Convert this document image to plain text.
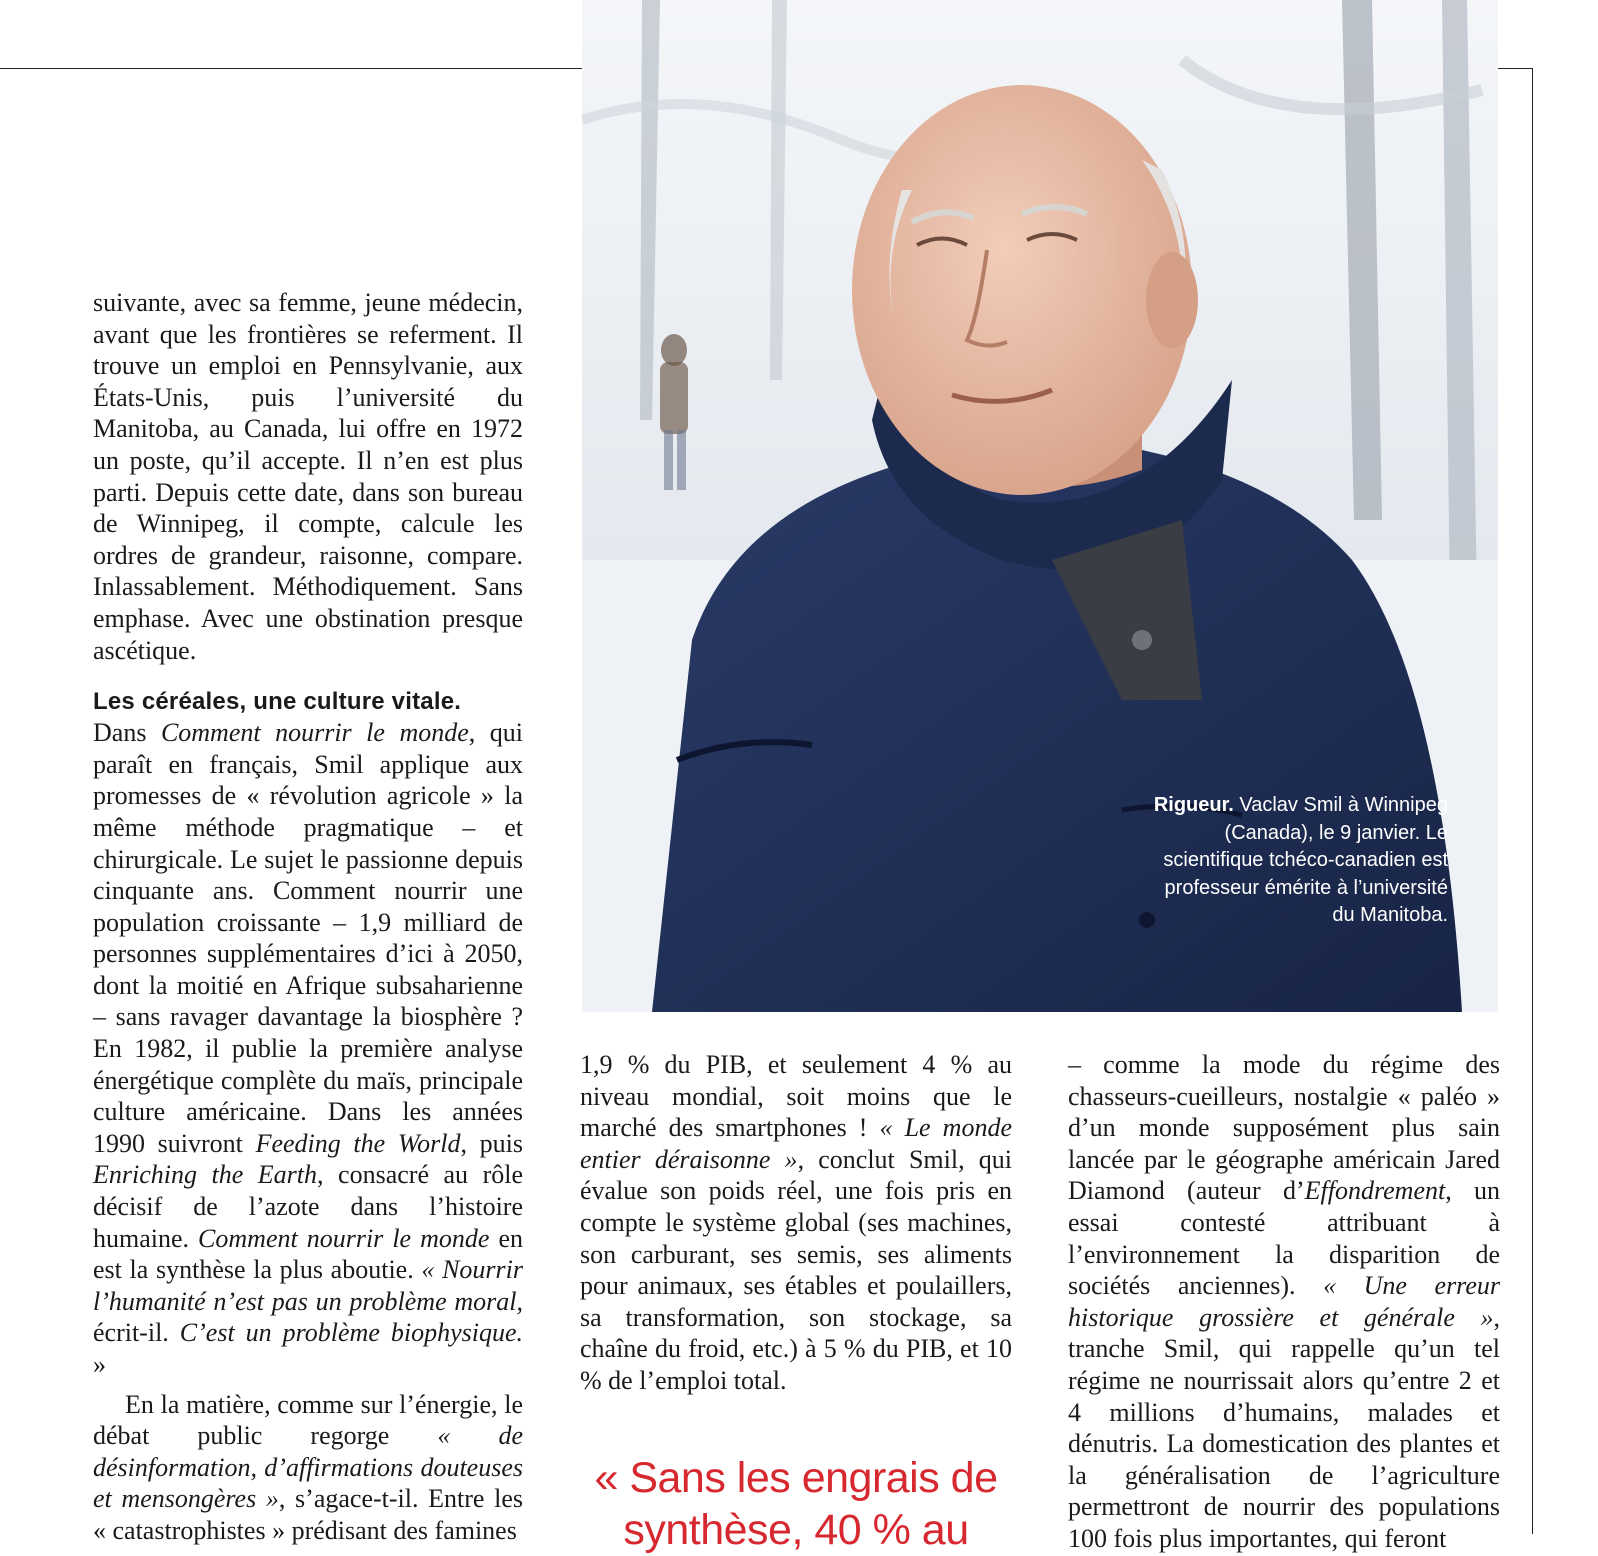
suivante, avec sa femme, jeune médecin, avant que les frontières se referment. Il trouve un emploi en Pennsylvanie, aux États-Unis, puis l’université du Manitoba, au Canada, lui offre en 1972 un poste, qu’il accepte. Il n’en est plus parti. Depuis cette date, dans son bureau de Winnipeg, il compte, calcule les ordres de grandeur, raisonne, compare. Inlassablement. Méthodiquement. Sans emphase. Avec une obstination presque ascétique.

Les céréales, une culture vitale.

Dans Comment nourrir le monde, qui paraît en français, Smil applique aux promesses de « révolution agricole » la même méthode pragmatique – et chirurgicale. Le sujet le passionne depuis cinquante ans. Comment nourrir une population croissante – 1,9 milliard de personnes supplémentaires d’ici à 2050, dont la moitié en Afrique subsaharienne – sans ravager davantage la biosphère ? En 1982, il publie la première analyse énergétique complète du maïs, principale culture américaine. Dans les années 1990 suivront Feeding the World, puis Enriching the Earth, consacré au rôle décisif de l’azote dans l’histoire humaine. Comment nourrir le monde en est la synthèse la plus aboutie. « Nourrir l’humanité n’est pas un problème moral, écrit-il. C’est un problème biophysique. »

En la matière, comme sur l’énergie, le débat public regorge « de désinformation, d’affirmations douteuses et mensongères », s’agace-t-il. Entre les « catastrophistes » prédisant des famines

Rigueur. Vaclav Smil à Winnipeg (Canada), le 9 janvier. Le scientifique tchéco-canadien est professeur émérite à l’université du Manitoba.

1,9 % du PIB, et seulement 4 % au niveau mondial, soit moins que le marché des smartphones ! « Le monde entier déraisonne », conclut Smil, qui évalue son poids réel, une fois pris en compte le système global (ses machines, son carburant, ses semis, ses aliments pour animaux, ses étables et poulaillers, sa transformation, son stockage, sa chaîne du froid, etc.) à 5 % du PIB, et 10 % de l’emploi total.

« Sans les engrais de synthèse, 40 % au

– comme la mode du régime des chasseurs-cueilleurs, nostalgie « paléo » d’un monde supposément plus sain lancée par le géographe américain Jared Diamond (auteur d’Effondrement, un essai contesté attribuant à l’environnement la disparition de sociétés anciennes). « Une erreur historique grossière et générale », tranche Smil, qui rappelle qu’un tel régime ne nourrissait alors qu’entre 2 et 4 millions d’humains, malades et dénutris. La domestication des plantes et la généralisation de l’agriculture permettront de nourrir des populations 100 fois plus importantes, qui feront
